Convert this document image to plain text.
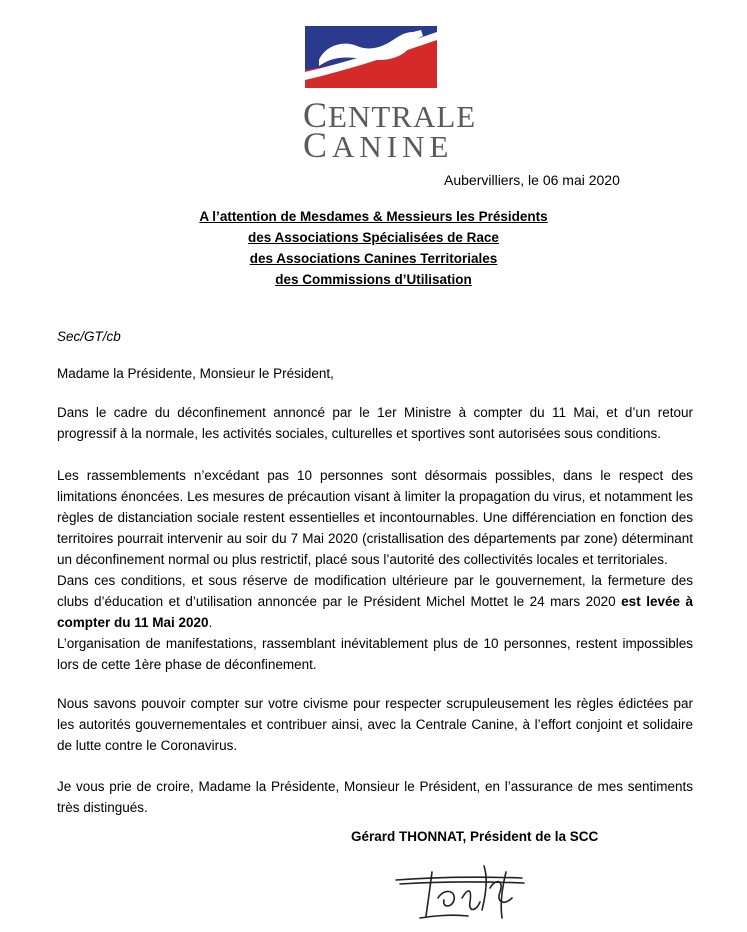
CENTRALE
CANINE
Aubervilliers, le 06 mai 2020
A l’attention de Mesdames & Messieurs les Présidents
des Associations Spécialisées de Race
des Associations Canines Territoriales
des Commissions d’Utilisation
Sec/GT/cb

Madame la Présidente, Monsieur le Président,

Dans le cadre du déconfinement annoncé par le 1er Ministre à compter du 11 Mai, et d’un retour progressif à la normale, les activités sociales, culturelles et sportives sont autorisées sous conditions.

Les rassemblements n’excédant pas 10 personnes sont désormais possibles, dans le respect des limitations énoncées. Les mesures de précaution visant à limiter la propagation du virus, et notamment les règles de distanciation sociale restent essentielles et incontournables. Une différenciation en fonction des territoires pourrait intervenir au soir du 7 Mai 2020 (cristallisation des départements par zone) déterminant un déconfinement normal ou plus restrictif, placé sous l’autorité des collectivités locales et territoriales.
Dans ces conditions, et sous réserve de modification ultérieure par le gouvernement, la fermeture des clubs d’éducation et d’utilisation annoncée par le Président Michel Mottet le 24 mars 2020 est levée à compter du 11 Mai 2020.
L’organisation de manifestations, rassemblant inévitablement plus de 10 personnes, restent impossibles lors de cette 1ère phase de déconfinement.

Nous savons pouvoir compter sur votre civisme pour respecter scrupuleusement les règles édictées par les autorités gouvernementales et contribuer ainsi, avec la Centrale Canine, à l’effort conjoint et solidaire de lutte contre le Coronavirus.

Je vous prie de croire, Madame la Présidente, Monsieur le Président, en l’assurance de mes sentiments très distingués.

Gérard THONNAT, Président de la SCC
